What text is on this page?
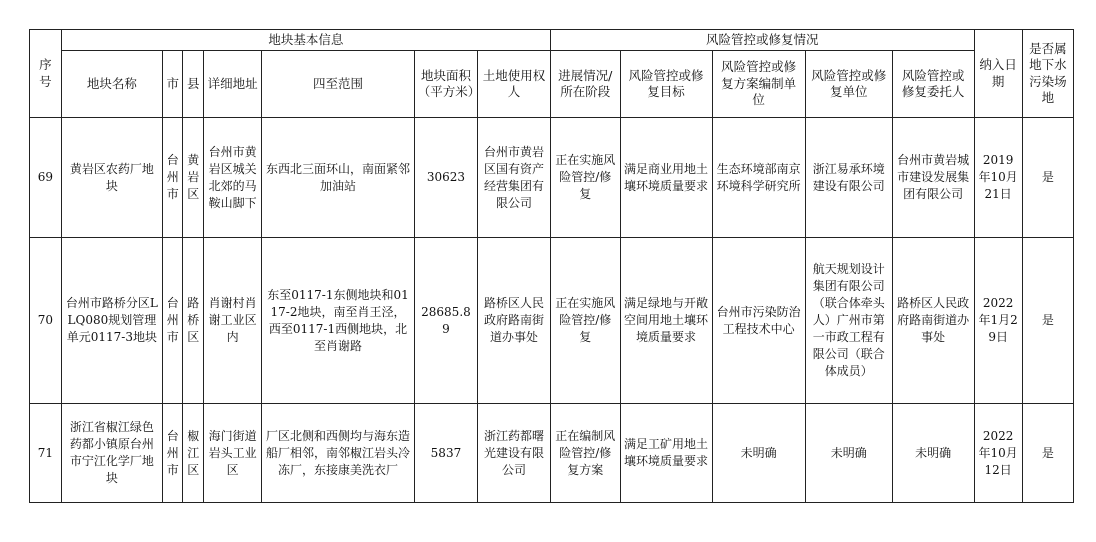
序号	地块基本信息							风险管控或修复情况					纳入日期	是否属地下水污染场地
	地块名称	市	县	详细地址	四至范围	地块面积（平方米）	土地使用权人	进展情况/所在阶段	风险管控或修复目标	风险管控或修复方案编制单位	风险管控或修复单位	风险管控或修复委托人		
69	黄岩区农药厂地块	台州市	黄岩区	台州市黄岩区城关北郊的马鞍山脚下	东西北三面环山，南面紧邻加油站	30623	台州市黄岩区国有资产经营集团有限公司	正在实施风险管控/修复	满足商业用地土壤环境质量要求	生态环境部南京环境科学研究所	浙江易承环境建设有限公司	台州市黄岩城市建设发展集团有限公司	2019年10月21日	是
70	台州市路桥分区LLQ080规划管理单元0117-3地块	台州市	路桥区	肖谢村肖谢工业区内	东至0117-1东侧地块和0117-2地块，南至肖王泾，西至0117-1西侧地块，北至肖谢路	28685.89	路桥区人民政府路南街道办事处	正在实施风险管控/修复	满足绿地与开敞空间用地土壤环境质量要求	台州市污染防治工程技术中心	航天规划设计集团有限公司（联合体牵头人）广州市第一市政工程有限公司（联合体成员）	路桥区人民政府路南街道办事处	2022年1月29日	是
71	浙江省椒江绿色药都小镇原台州市宁江化学厂地块	台州市	椒江区	海门街道岩头工业区	厂区北侧和西侧均与海东造船厂相邻，南邻椒江岩头冷冻厂，东接康美洗衣厂	5837	浙江药都曙光建设有限公司	正在编制风险管控/修复方案	满足工矿用地土壤环境质量要求	未明确	未明确	未明确	2022年10月12日	是
